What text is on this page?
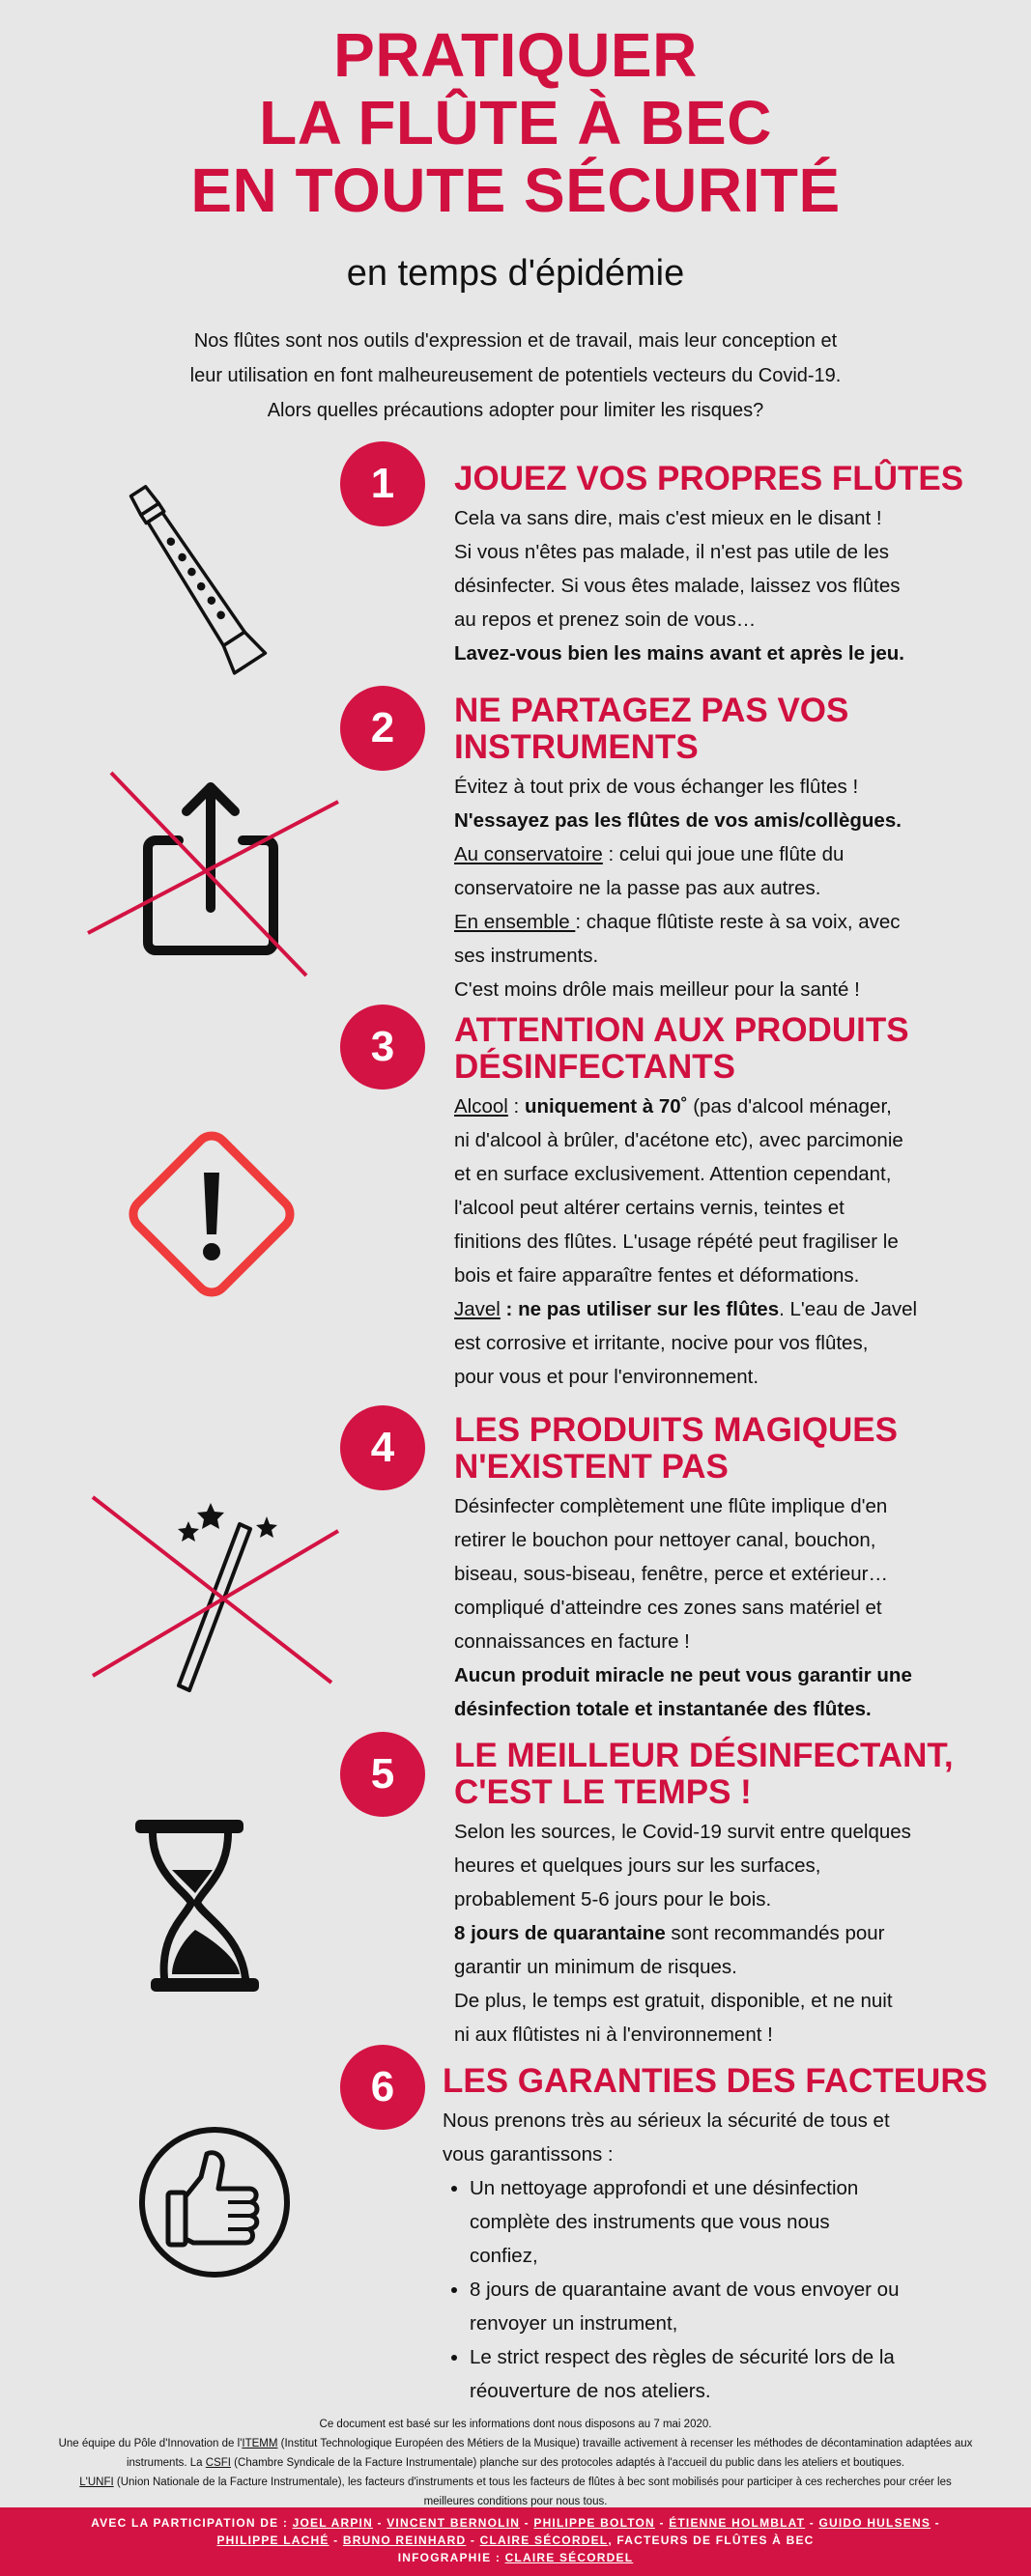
PRATIQUER
LA FLÛTE À BEC
EN TOUTE SÉCURITÉ
en temps d'épidémie
Nos flûtes sont nos outils d'expression et de travail, mais leur conception et
leur utilisation en font malheureusement de potentiels vecteurs du Covid-19.
Alors quelles précautions adopter pour limiter les risques?
1	JOUEZ VOS PROPRES FLÛTES
Cela va sans dire, mais c'est mieux en le disant !
Si vous n'êtes pas malade, il n'est pas utile de les
désinfecter. Si vous êtes malade, laissez vos flûtes
au repos et prenez soin de vous…
Lavez-vous bien les mains avant et après le jeu.
2	NE PARTAGEZ PAS VOS
INSTRUMENTS
Évitez à tout prix de vous échanger les flûtes !
N'essayez pas les flûtes de vos amis/collègues.
Au conservatoire : celui qui joue une flûte du
conservatoire ne la passe pas aux autres.
En ensemble : chaque flûtiste reste à sa voix, avec
ses instruments.
C'est moins drôle mais meilleur pour la santé !
3	ATTENTION AUX PRODUITS
DÉSINFECTANTS
Alcool : uniquement à 70˚ (pas d'alcool ménager,
ni d'alcool à brûler, d'acétone etc), avec parcimonie
et en surface exclusivement. Attention cependant,
l'alcool peut altérer certains vernis, teintes et
finitions des flûtes. L'usage répété peut fragiliser le
bois et faire apparaître fentes et déformations.
Javel : ne pas utiliser sur les flûtes. L'eau de Javel
est corrosive et irritante, nocive pour vos flûtes,
pour vous et pour l'environnement.
4	LES PRODUITS MAGIQUES
N'EXISTENT PAS
Désinfecter complètement une flûte implique d'en
retirer le bouchon pour nettoyer canal, bouchon,
biseau, sous-biseau, fenêtre, perce et extérieur…
compliqué d'atteindre ces zones sans matériel et
connaissances en facture !
Aucun produit miracle ne peut vous garantir une
désinfection totale et instantanée des flûtes.
5	LE MEILLEUR DÉSINFECTANT,
C'EST LE TEMPS !
Selon les sources, le Covid-19 survit entre quelques
heures et quelques jours sur les surfaces,
probablement 5-6 jours pour le bois.
8 jours de quarantaine sont recommandés pour
garantir un minimum de risques.
De plus, le temps est gratuit, disponible, et ne nuit
ni aux flûtistes ni à l'environnement !
6	LES GARANTIES DES FACTEURS
Nous prenons très au sérieux la sécurité de tous et
vous garantissons :
• Un nettoyage approfondi et une désinfection
complète des instruments que vous nous
confiez,
• 8 jours de quarantaine avant de vous envoyer ou
renvoyer un instrument,
• Le strict respect des règles de sécurité lors de la
réouverture de nos ateliers.
Ce document est basé sur les informations dont nous disposons au 7 mai 2020.
Une équipe du Pôle d'Innovation de l'ITEMM (Institut Technologique Européen des Métiers de la Musique) travaille activement à recenser les méthodes de décontamination adaptées aux
instruments. La CSFI (Chambre Syndicale de la Facture Instrumentale) planche sur des protocoles adaptés à l'accueil du public dans les ateliers et boutiques.
L'UNFI (Union Nationale de la Facture Instrumentale), les facteurs d'instruments et tous les facteurs de flûtes à bec sont mobilisés pour participer à ces recherches pour créer les
meilleures conditions pour nous tous.
AVEC LA PARTICIPATION DE : JOEL ARPIN - VINCENT BERNOLIN - PHILIPPE BOLTON - ÉTIENNE HOLMBLAT - GUIDO HULSENS -
PHILIPPE LACHÉ - BRUNO REINHARD - CLAIRE SÉCORDEL, FACTEURS DE FLÛTES À BEC
INFOGRAPHIE : CLAIRE SÉCORDEL
